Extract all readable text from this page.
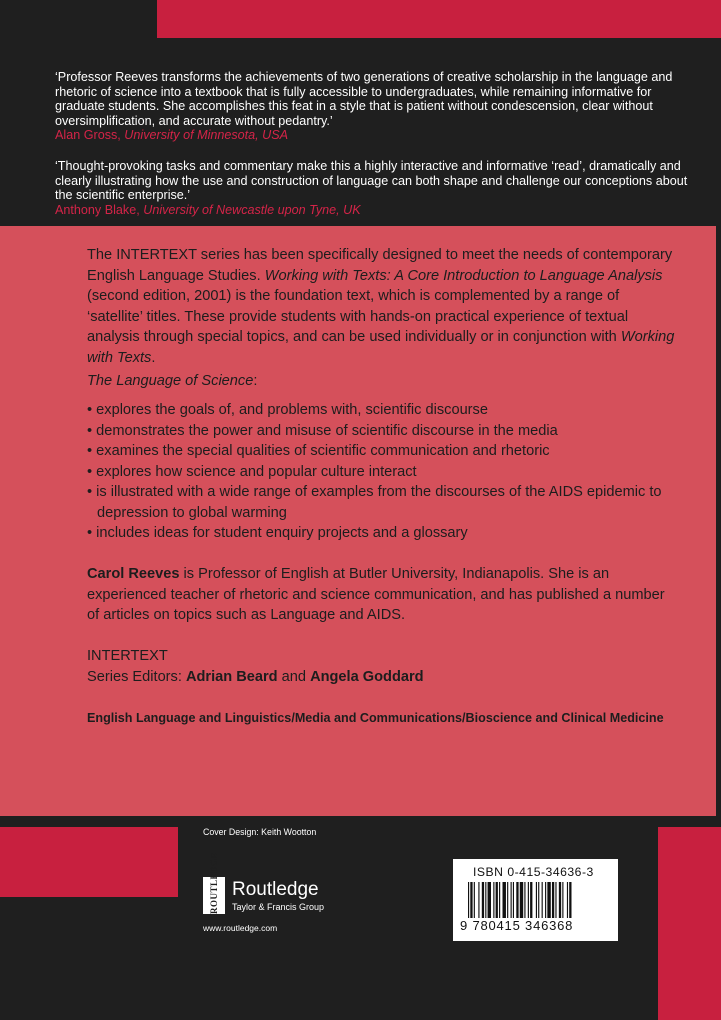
‘Professor Reeves transforms the achievements of two generations of creative scholarship in the language and rhetoric of science into a textbook that is fully accessible to undergraduates, while remaining informative for graduate students. She accomplishes this feat in a style that is patient without condescension, clear without oversimplification, and accurate without pedantry.’
Alan Gross, University of Minnesota, USA
‘Thought-provoking tasks and commentary make this a highly interactive and informative ‘read’, dramatically and clearly illustrating how the use and construction of language can both shape and challenge our conceptions about the scientific enterprise.’
Anthony Blake, University of Newcastle upon Tyne, UK

The INTERTEXT series has been specifically designed to meet the needs of contemporary English Language Studies. Working with Texts: A Core Introduction to Language Analysis (second edition, 2001) is the foundation text, which is complemented by a range of ‘satellite’ titles. These provide students with hands-on practical experience of textual analysis through special topics, and can be used individually or in conjunction with Working with Texts.

The Language of Science:

• explores the goals of, and problems with, scientific discourse
• demonstrates the power and misuse of scientific discourse in the media
• examines the special qualities of scientific communication and rhetoric
• explores how science and popular culture interact
• is illustrated with a wide range of examples from the discourses of the AIDS epidemic to depression to global warming
• includes ideas for student enquiry projects and a glossary

Carol Reeves is Professor of English at Butler University, Indianapolis. She is an experienced teacher of rhetoric and science communication, and has published a number of articles on topics such as Language and AIDS.

INTERTEXT
Series Editors: Adrian Beard and Angela Goddard
English Language and Linguistics/Media and Communications/Bioscience and Clinical Medicine
Cover Design: Keith Wootton
ROUTLEDGE Routledge
Taylor & Francis Group
www.routledge.com
ISBN 0-415-34636-3
9 780415 346368
